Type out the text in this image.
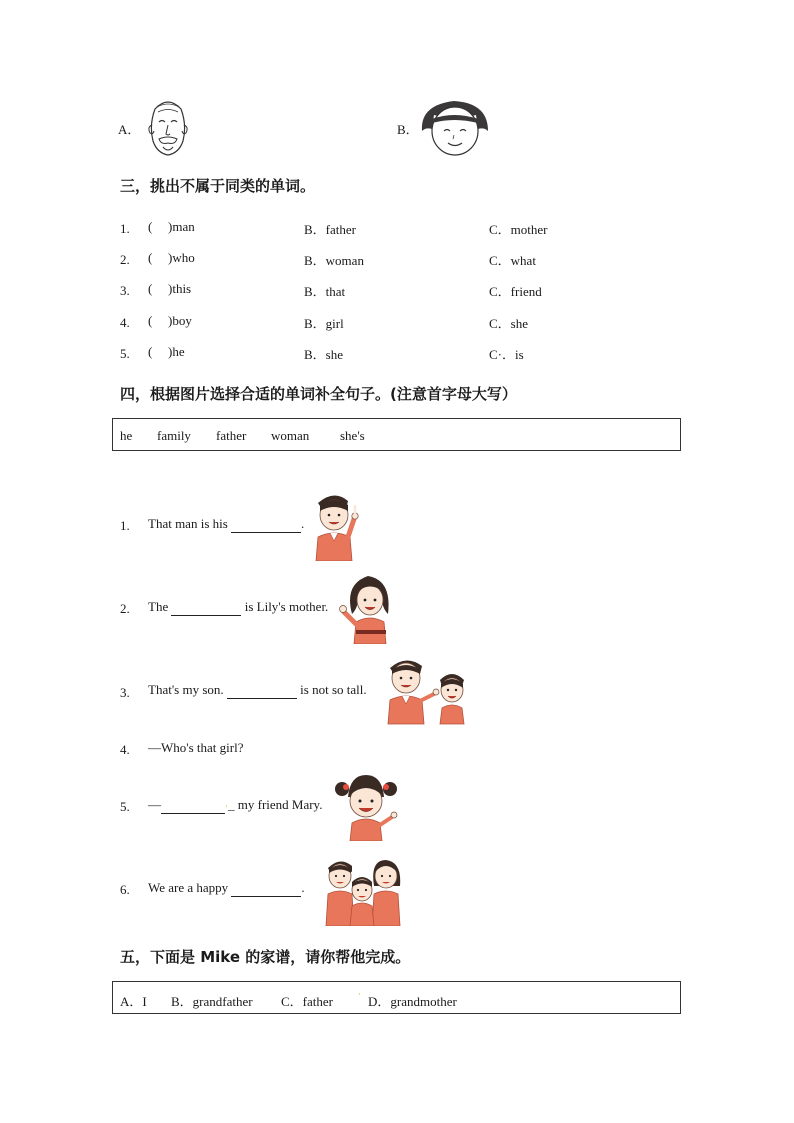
A．	B．
三，挑出不属于同类的单词。
1. ( )man	B．father	C．mother
2. ( )who	B．woman	C．what
3. ( )this	B．that	C．friend
4. ( )boy	B．girl	C．she
5. ( )he	B．she	C·．is
四，根据图片选择合适的单词补全句子。(注意首字母大写）
he family father woman she's
1. That man is his	.
2. The	is Lily's mother.
3. That's my son.	is not so tall.
4. —Who's that girl?
5. —	·_ my friend Mary.
6. We are a happy	.
五，下面是 Mike 的家谱，请你帮他完成。
A．I B．grandfather C．father	· D．grandmother
